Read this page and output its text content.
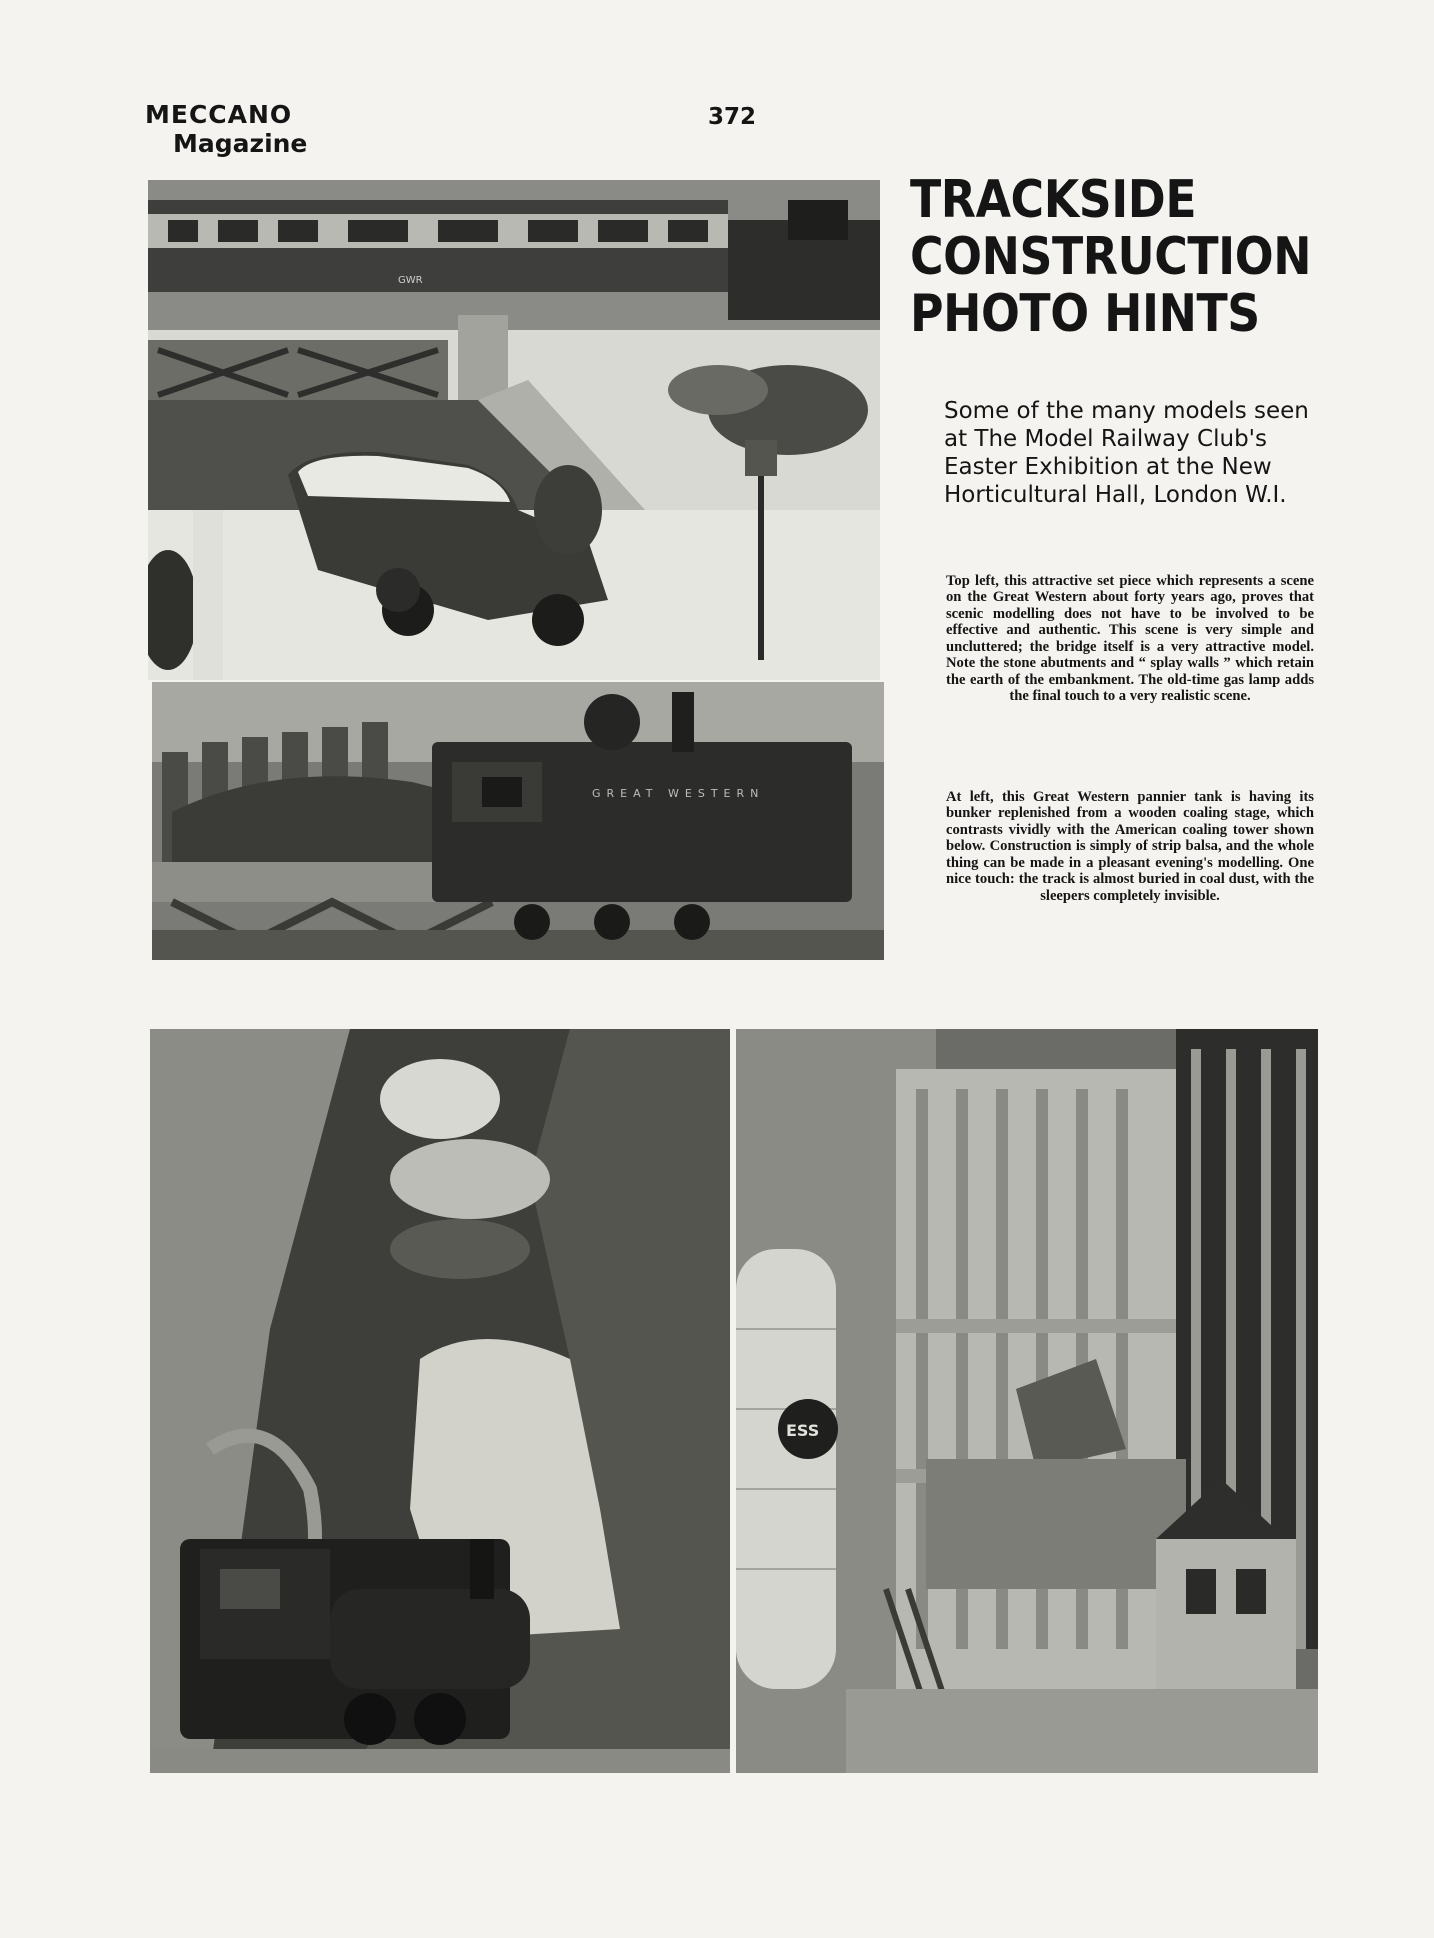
MECCANO
Magazine
372
GWR
GREAT WESTERN
ESS
TRACKSIDE
CONSTRUCTION
PHOTO HINTS

Some of the many models seen at The Model Railway Club's Easter Exhibition at the New Horticultural Hall, London W.I.

Top left, this attractive set piece which represents a scene on the Great Western about forty years ago, proves that scenic modelling does not have to be involved to be effective and authentic. This scene is very simple and uncluttered; the bridge itself is a very attractive model. Note the stone abutments and “ splay walls ” which retain the earth of the embankment. The old-time gas lamp adds the final touch to a very realistic scene.

At left, this Great Western pannier tank is having its bunker replenished from a wooden coaling stage, which contrasts vividly with the American coaling tower shown below. Construction is simply of strip balsa, and the whole thing can be made in a pleasant evening's modelling. One nice touch: the track is almost buried in coal dust, with the sleepers completely invisible.
